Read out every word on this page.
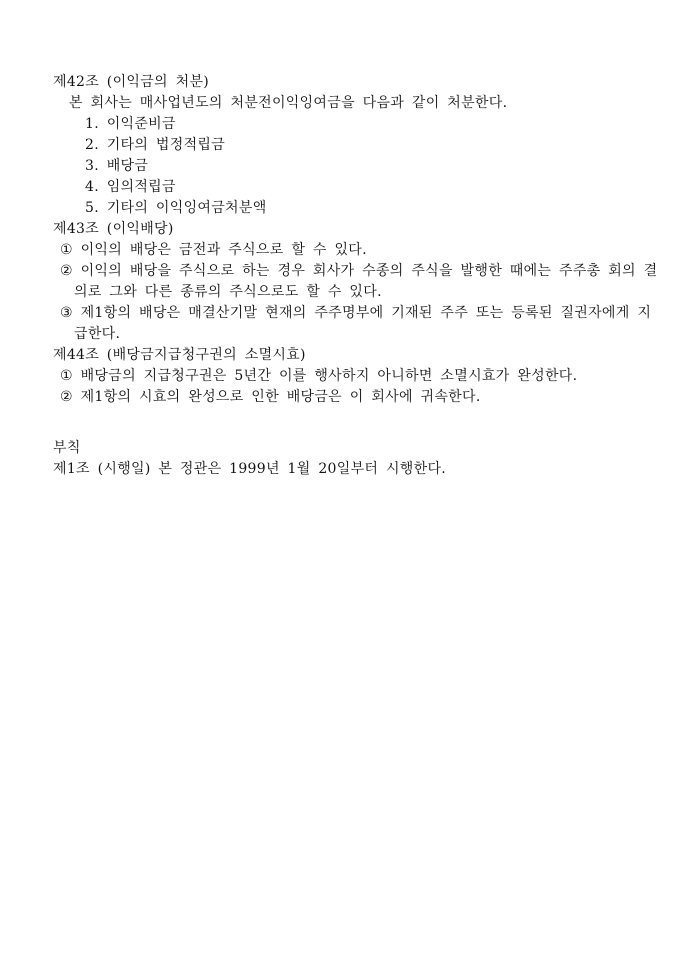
제42조 (이익금의 처분)
본 회사는 매사업년도의 처분전이익잉여금을 다음과 같이 처분한다.
1. 이익준비금
2. 기타의 법정적립금
3. 배당금
4. 임의적립금
5. 기타의 이익잉여금처분액
제43조 (이익배당)
① 이익의 배당은 금전과 주식으로 할 수 있다.
② 이익의 배당을 주식으로 하는 경우 회사가 수종의 주식을 발행한 때에는 주주총 회의 결
의로 그와 다른 종류의 주식으로도 할 수 있다.
③ 제1항의 배당은 매결산기말 현재의 주주명부에 기재된 주주 또는 등록된 질권자에게 지
급한다.
제44조 (배당금지급청구권의 소멸시효)
① 배당금의 지급청구권은 5년간 이를 행사하지 아니하면 소멸시효가 완성한다.
② 제1항의 시효의 완성으로 인한 배당금은 이 회사에 귀속한다.
부칙
제1조 (시행일) 본 정관은 1999년 1월 20일부터 시행한다.
